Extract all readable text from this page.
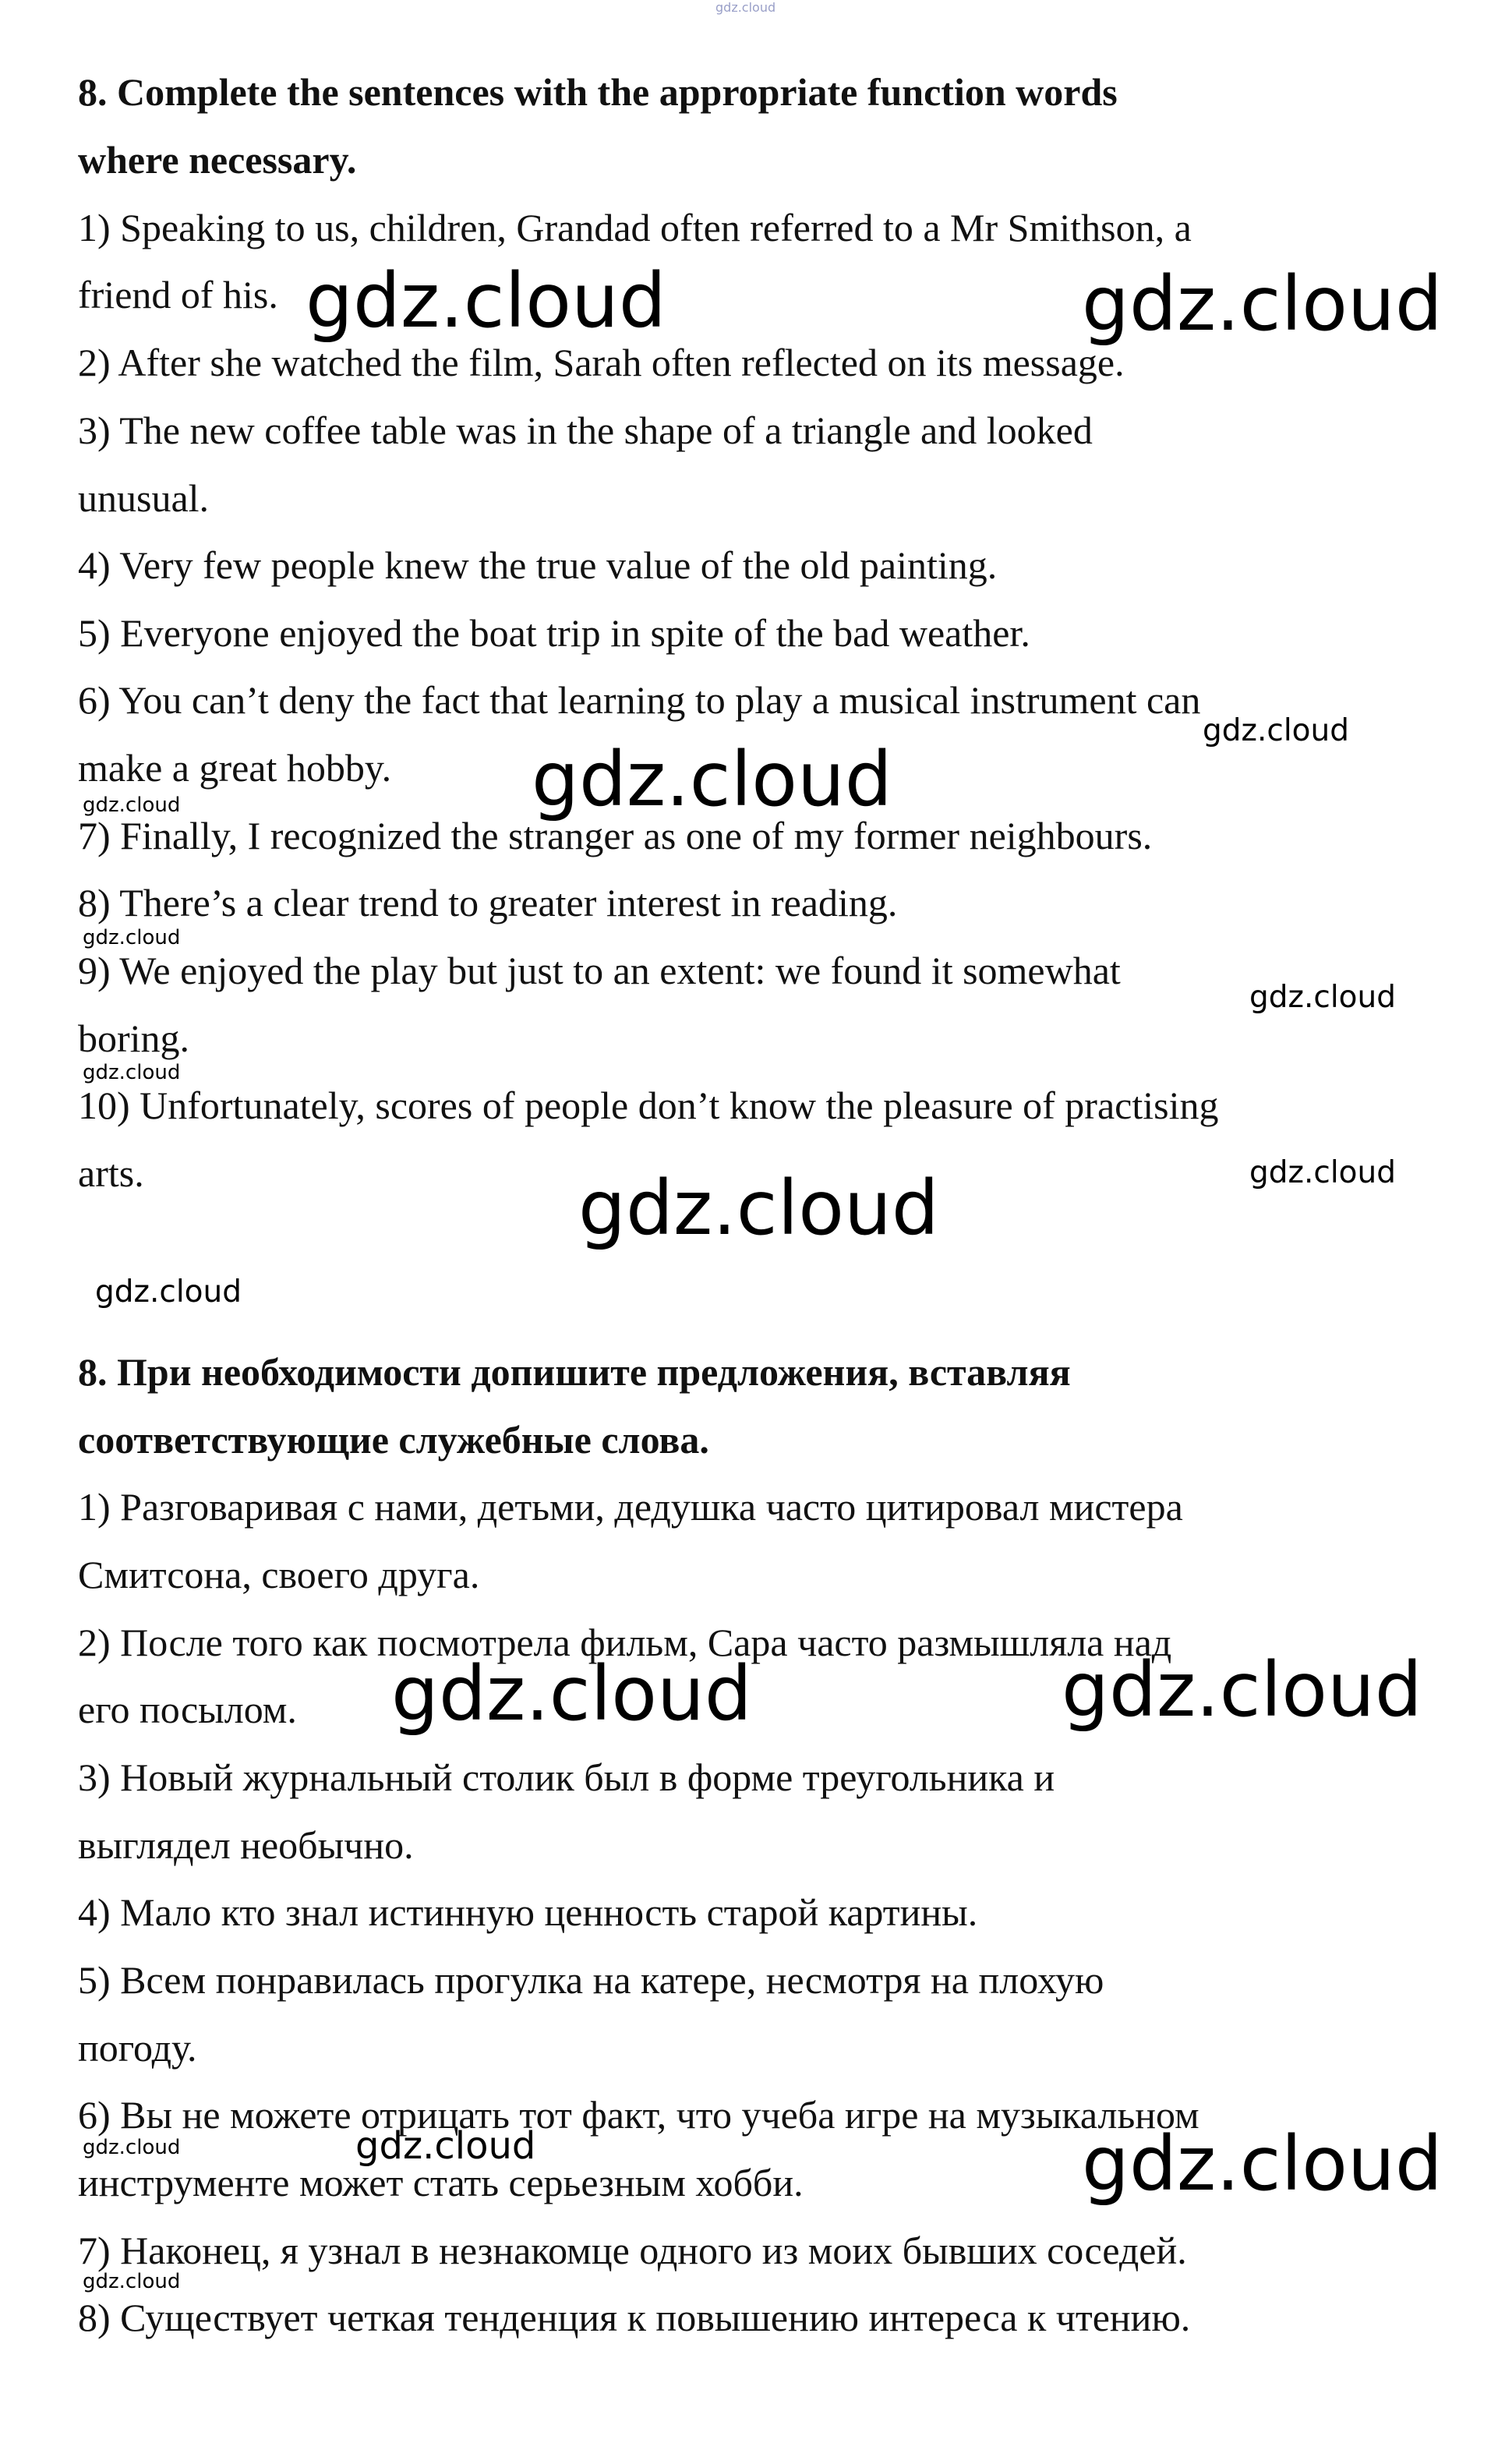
8. Complete the sentences with the appropriate function words

where necessary.

1) Speaking to us, children, Grandad often referred to a Mr Smithson, a

friend of his.

2) After she watched the film, Sarah often reflected on its message.

3) The new coffee table was in the shape of a triangle and looked

unusual.

4) Very few people knew the true value of the old painting.

5) Everyone enjoyed the boat trip in spite of the bad weather.

6) You can’t deny the fact that learning to play a musical instrument can

make a great hobby.

7) Finally, I recognized the stranger as one of my former neighbours.

8) There’s a clear trend to greater interest in reading.

9) We enjoyed the play but just to an extent: we found it somewhat

boring.

10) Unfortunately, scores of people don’t know the pleasure of practising

arts.

8. При необходимости допишите предложения, вставляя

соответствующие служебные слова.

1) Разговаривая с нами, детьми, дедушка часто цитировал мистера

Смитсона, своего друга.

2) После того как посмотрела фильм, Сара часто размышляла над

его посылом.

3) Новый журнальный столик был в форме треугольника и

выглядел необычно.

4) Мало кто знал истинную ценность старой картины.

5) Всем понравилась прогулка на катере, несмотря на плохую

погоду.

6) Вы не можете отрицать тот факт, что учеба игре на музыкальном

инструменте может стать серьезным хобби.

7) Наконец, я узнал в незнакомце одного из моих бывших соседей.

8) Существует четкая тенденция к повышению интереса к чтению.

gdz.cloud
gdz.cloud	gdz.cloud
gdz.cloud
gdz.cloud
gdz.cloud
gdz.cloud
gdz.cloud
gdz.cloud
gdz.cloud
gdz.cloud
gdz.cloud
gdz.cloud	gdz.cloud
gdz.cloud
gdz.cloud	gdz.cloud
gdz.cloud
